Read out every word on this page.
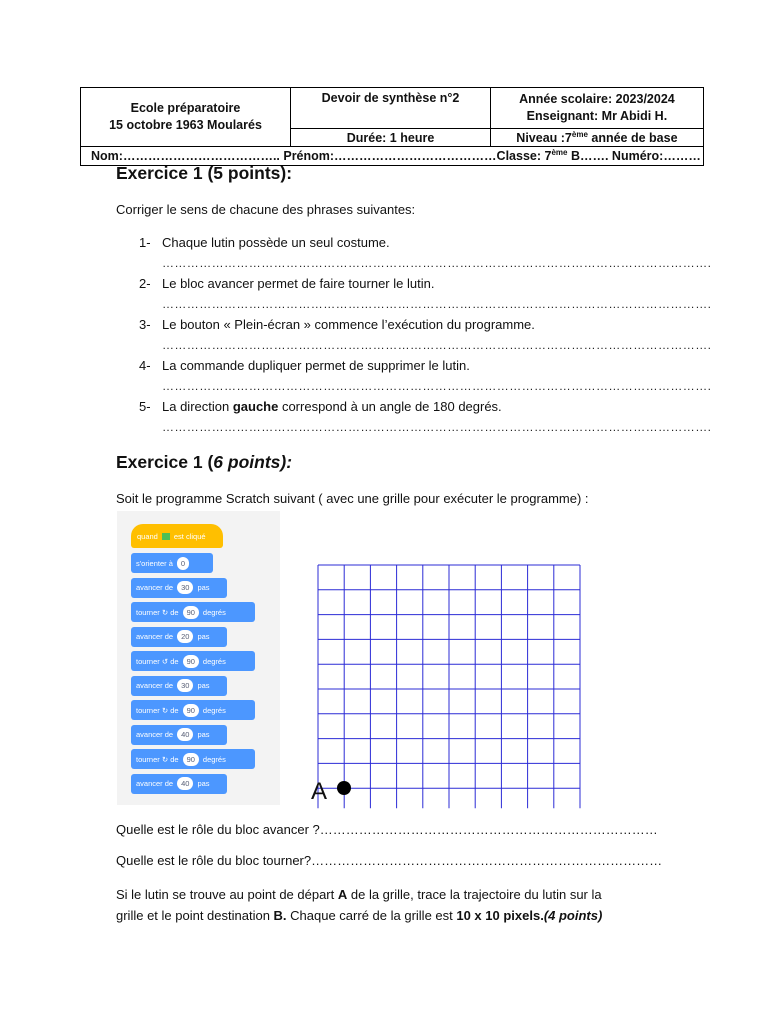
Ecole préparatoire
15 octobre 1963 Moularés	Devoir de synthèse n°2	Année scolaire: 2023/2024
Enseignant: Mr Abidi H.

	Durée: 1 heure	Niveau :7ème année de base
Nom:……………………………….. Prénom:…………………………………Classe: 7ème B……. Numéro:………		
Exercice 1 (5 points):
Corriger le sens de chacune des phrases suivantes:
1- Chaque lutin possède un seul costume.
…………………………………………………………………………………………………………………….
2- Le bloc avancer permet de faire tourner le lutin.
…………………………………………………………………………………………………………………….
3- Le bouton « Plein-écran » commence l’exécution du programme.
…………………………………………………………………………………………………………………….
4- La commande dupliquer permet de supprimer le lutin.
…………………………………………………………………………………………………………………….
5- La direction gauche correspond à un angle de 180 degrés.
…………………………………………………………………………………………………………………….
Exercice 1 (6 points):
Soit le programme Scratch suivant ( avec une grille pour exécuter le programme) :
quand est cliqué
s'orienter à	0
avancer de	30	pas
tourner ↻ de	90	degrés
avancer de	20	pas
tourner ↺ de	90	degrés
avancer de	30	pas
tourner ↻ de	90	degrés
avancer de	40	pas
tourner ↻ de	90	degrés
avancer de	40	pas	A
Quelle est le rôle du bloc avancer ?……………………………………………………………………
Quelle est le rôle du bloc tourner?………………………………………………………………………
Si le lutin se trouve au point de départ A de la grille, trace la trajectoire du lutin sur la
grille et le point destination B. Chaque carré de la grille est 10 x 10 pixels.(4 points)
